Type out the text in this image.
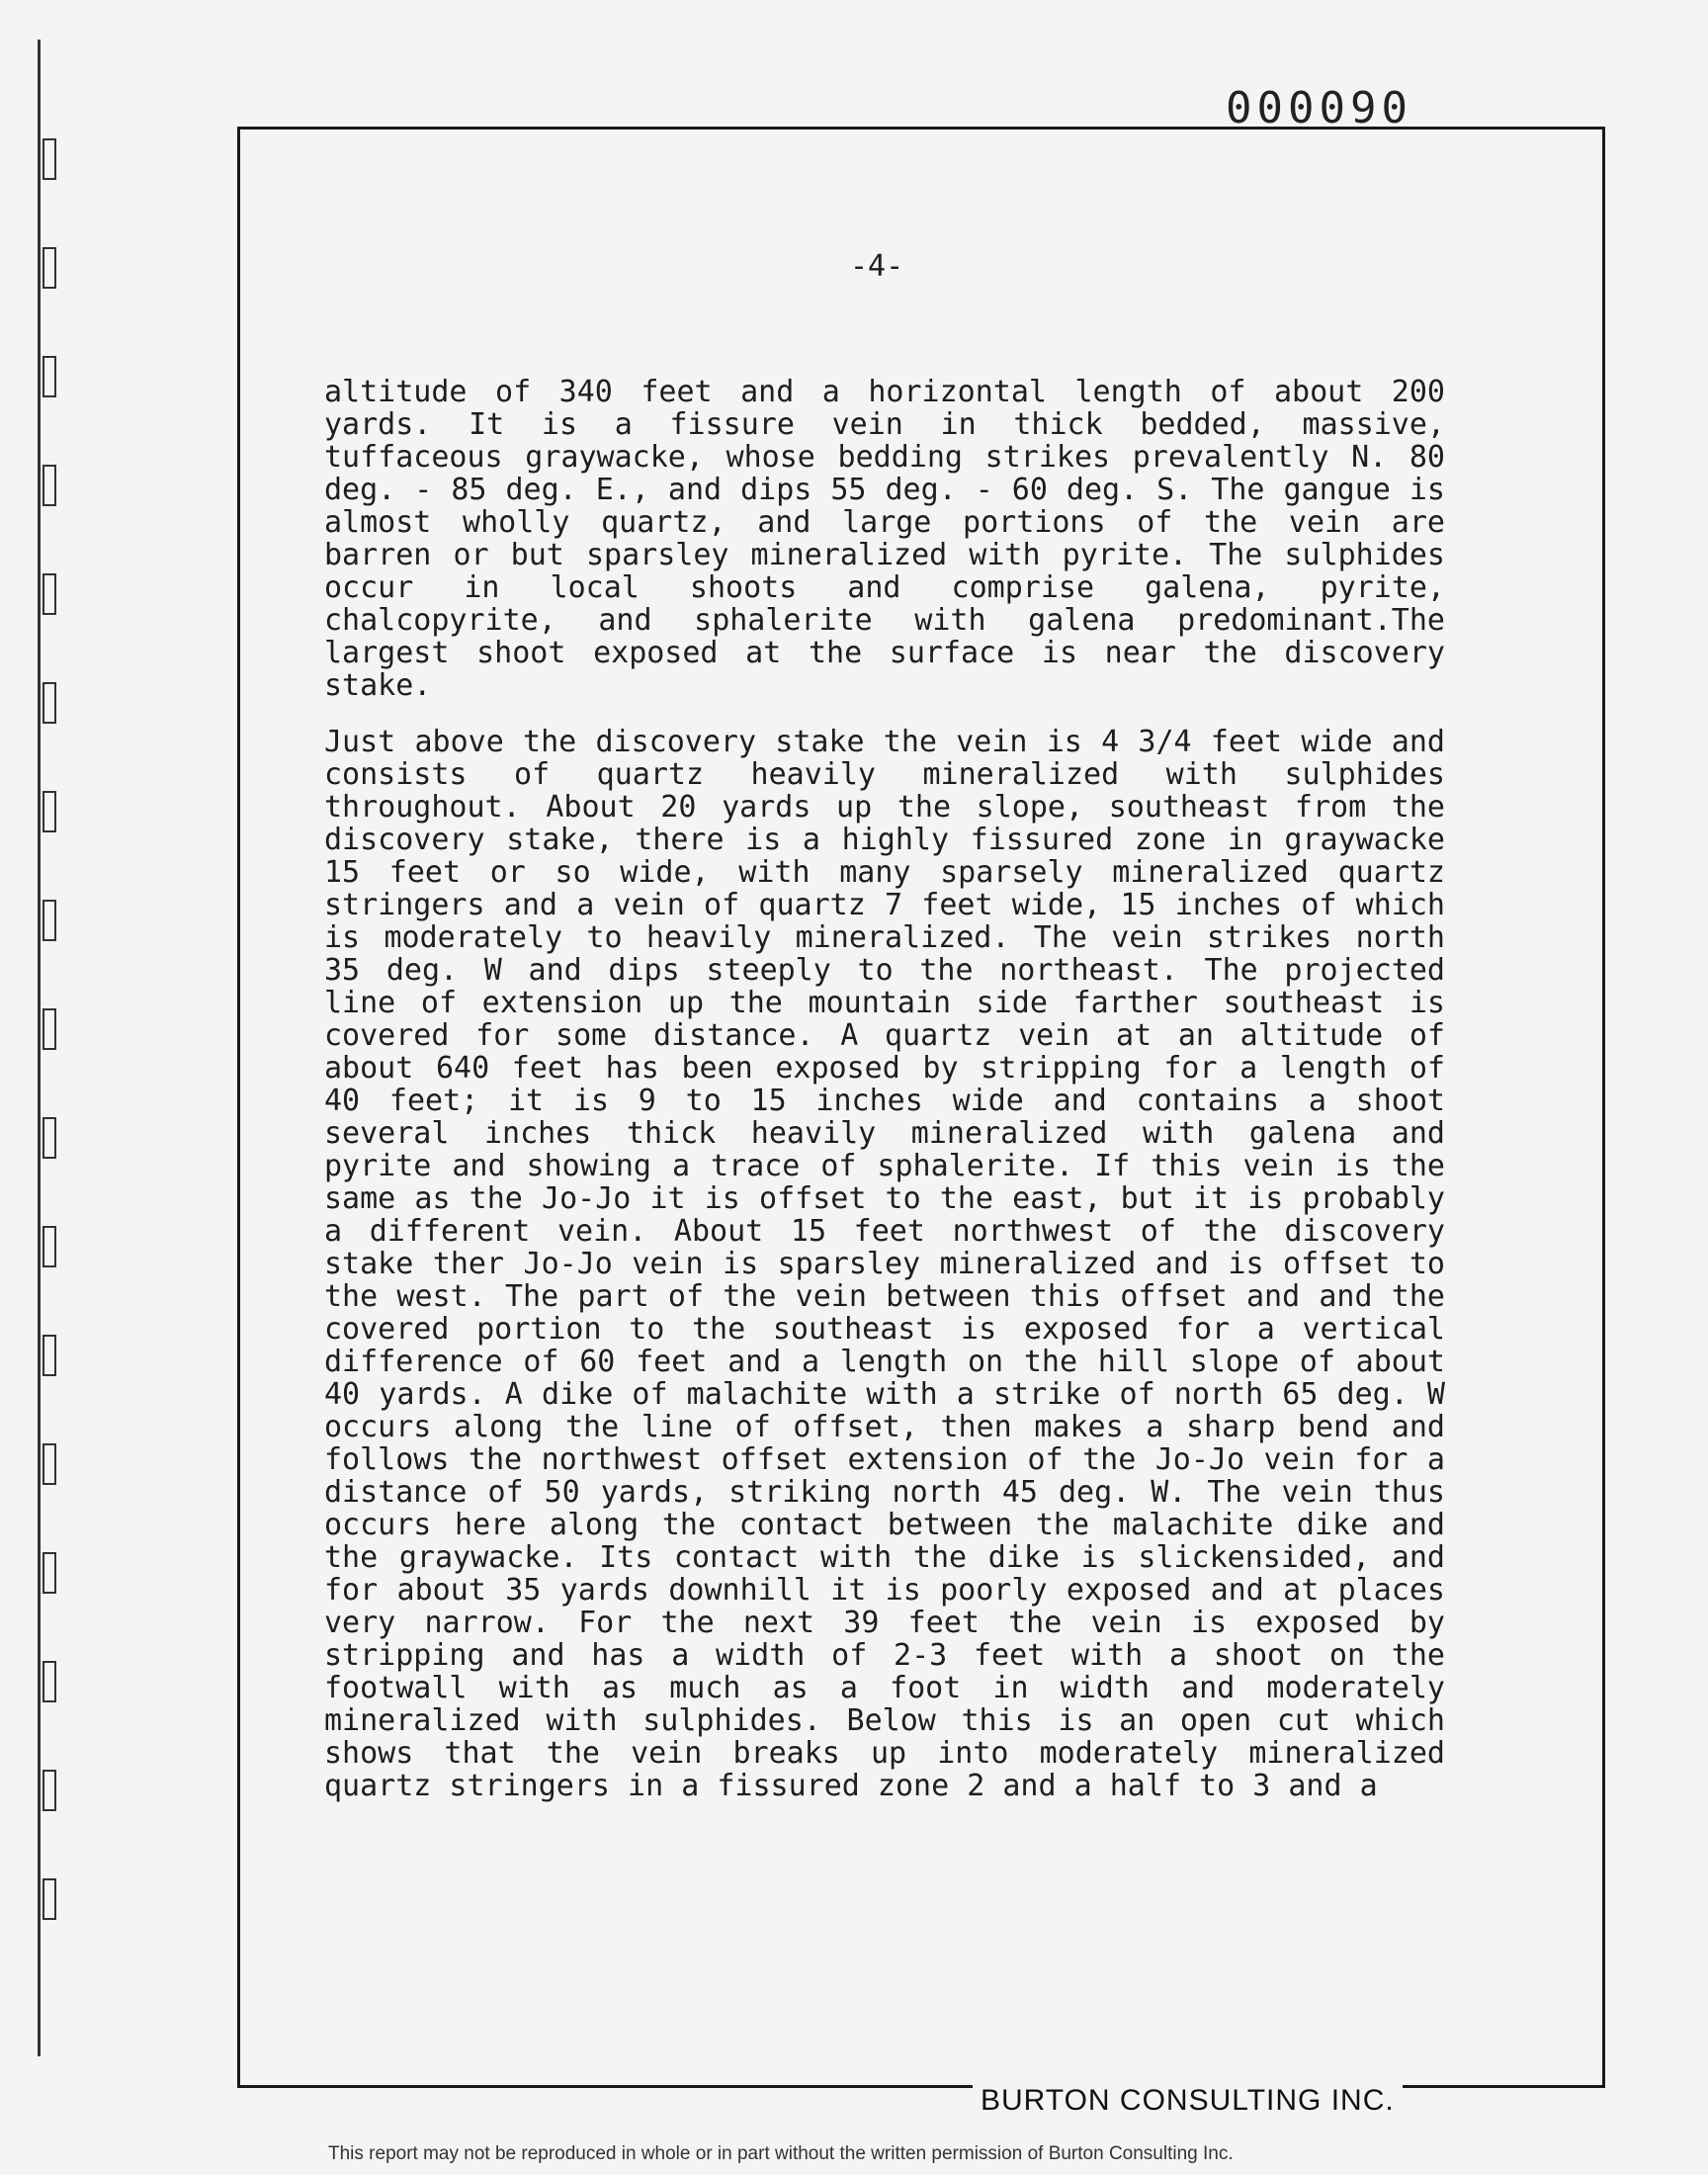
000090
-4-

altitude of 340 feet and a horizontal length of about 200 yards. It is a fissure vein in thick bedded, massive, tuffaceous graywacke, whose bedding strikes prevalently N. 80 deg. - 85 deg. E., and dips 55 deg. - 60 deg. S. The gangue is almost wholly quartz, and large portions of the vein are barren or but sparsley mineralized with pyrite. The sulphides occur in local shoots and comprise galena, pyrite, chalcopyrite, and sphalerite with galena predominant.The largest shoot exposed at the surface is near the discovery stake.

Just above the discovery stake the vein is 4 3/4 feet wide and consists of quartz heavily mineralized with sulphides throughout. About 20 yards up the slope, southeast from the discovery stake, there is a highly fissured zone in graywacke 15 feet or so wide, with many sparsely mineralized quartz stringers and a vein of quartz 7 feet wide, 15 inches of which is moderately to heavily mineralized. The vein strikes north 35 deg. W and dips steeply to the northeast. The projected line of extension up the mountain side farther southeast is covered for some distance. A quartz vein at an altitude of about 640 feet has been exposed by stripping for a length of 40 feet; it is 9 to 15 inches wide and contains a shoot several inches thick heavily mineralized with galena and pyrite and showing a trace of sphalerite. If this vein is the same as the Jo-Jo it is offset to the east, but it is probably a different vein. About 15 feet northwest of the discovery stake ther Jo-Jo vein is sparsley mineralized and is offset to the west. The part of the vein between this offset and and the covered portion to the southeast is exposed for a vertical difference of 60 feet and a length on the hill slope of about 40 yards. A dike of malachite with a strike of north 65 deg. W occurs along the line of offset, then makes a sharp bend and follows the northwest offset extension of the Jo-Jo vein for a distance of 50 yards, striking north 45 deg. W. The vein thus occurs here along the contact between the malachite dike and the graywacke. Its contact with the dike is slickensided, and for about 35 yards downhill it is poorly exposed and at places very narrow. For the next 39 feet the vein is exposed by stripping and has a width of 2-3 feet with a shoot on the footwall with as much as a foot in width and moderately mineralized with sulphides. Below this is an open cut which shows that the vein breaks up into moderately mineralized quartz stringers in a fissured zone 2 and a half to 3 and a

BURTON CONSULTING INC.
This report may not be reproduced in whole or in part without the written permission of Burton Consulting Inc.
